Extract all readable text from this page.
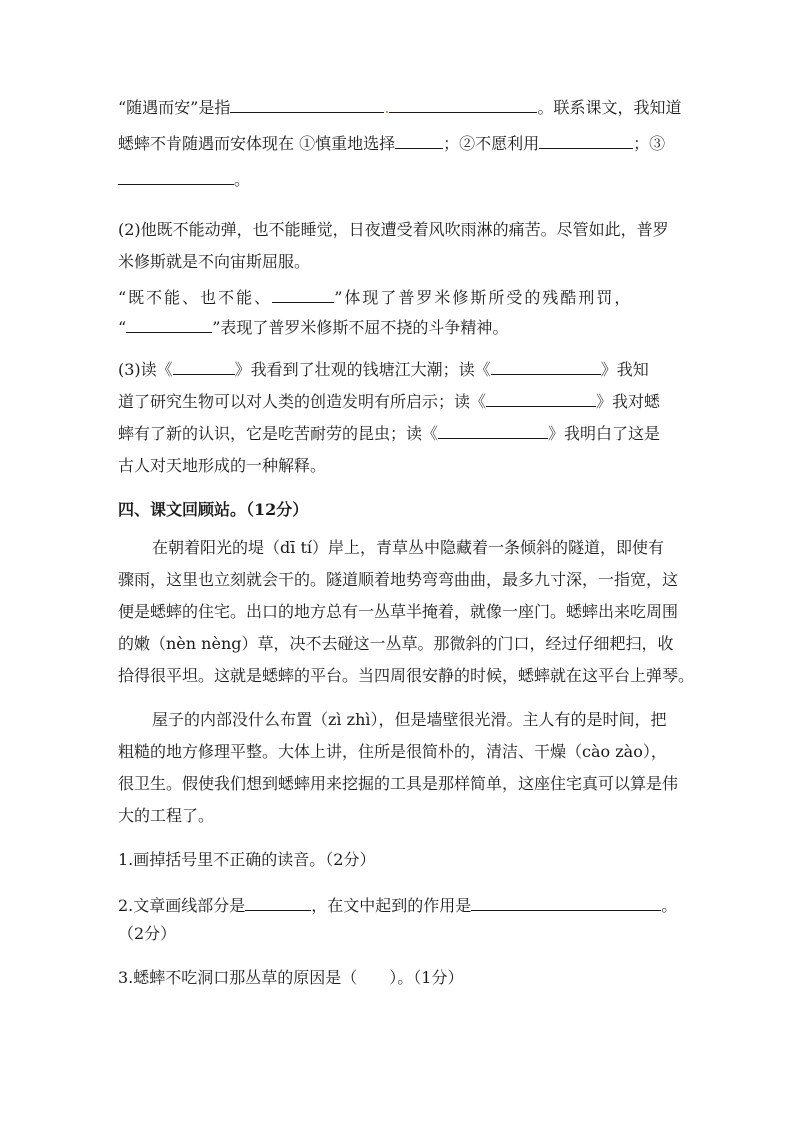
“随遇而安”是指	.	。联系课文，我知道
蟋蟀不肯随遇而安体现在 ①慎重地选择	；②不愿利用	；③
。
(2)他既不能动弹，也不能睡觉，日夜遭受着风吹雨淋的痛苦。尽管如此，普罗
米修斯就是不向宙斯屈服。
“既不能、也不能、	”体现了普罗米修斯所受的残酷刑罚，
“	”表现了普罗米修斯不屈不挠的斗争精神。
(3)读《	》我看到了壮观的钱塘江大潮；读《	》我知
道了研究生物可以对人类的创造发明有所启示；读《	》我对蟋
蟀有了新的认识，它是吃苦耐劳的昆虫；读《	》我明白了这是
古人对天地形成的一种解释。
四、课文回顾站。（12分）
在朝着阳光的堤（dī tí）岸上，青草丛中隐藏着一条倾斜的隧道，即使有
骤雨，这里也立刻就会干的。隧道顺着地势弯弯曲曲，最多九寸深，一指宽，这
便是蟋蟀的住宅。出口的地方总有一丛草半掩着，就像一座门。蟋蟀出来吃周围
的嫩（nèn nèng）草，决不去碰这一丛草。那微斜的门口，经过仔细耙扫，收
拾得很平坦。这就是蟋蟀的平台。当四周很安静的时候，蟋蟀就在这平台上弹琴。
屋子的内部没什么布置（zì zhì），但是墙壁很光滑。主人有的是时间，把
粗糙的地方修理平整。大体上讲，住所是很简朴的，清洁、干燥（cào zào），
很卫生。假使我们想到蟋蟀用来挖掘的工具是那样简单，这座住宅真可以算是伟
大的工程了。
1.画掉括号里不正确的读音。（2分）
2.文章画线部分是	，在文中起到的作用是	。
（2分）
3.蟋蟀不吃洞口那丛草的原因是（　　）。（1分）
